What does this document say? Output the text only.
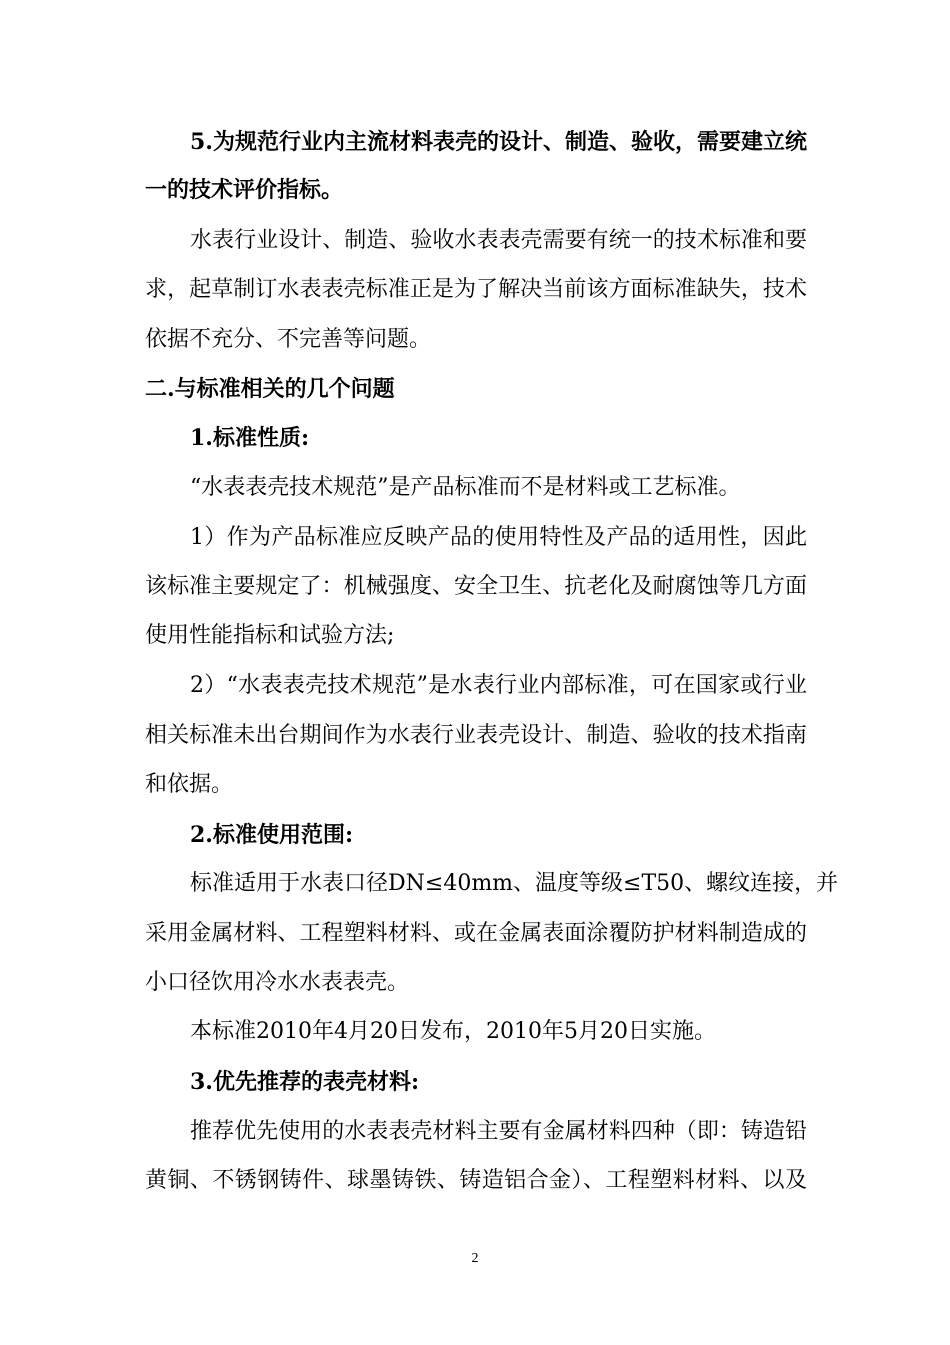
5.为规范行业内主流材料表壳的设计、制造、验收，需要建立统
一的技术评价指标。
水表行业设计、制造、验收水表表壳需要有统一的技术标准和要
求，起草制订水表表壳标准正是为了解决当前该方面标准缺失，技术
依据不充分、不完善等问题。
二.与标准相关的几个问题
1.标准性质:
“水表表壳技术规范”是产品标准而不是材料或工艺标准。
1）作为产品标准应反映产品的使用特性及产品的适用性，因此
该标准主要规定了：机械强度、安全卫生、抗老化及耐腐蚀等几方面
使用性能指标和试验方法;
2）“水表表壳技术规范”是水表行业内部标准，可在国家或行业
相关标准未出台期间作为水表行业表壳设计、制造、验收的技术指南
和依据。
2.标准使用范围:
标准适用于水表口径DN≤40mm、温度等级≤T50、螺纹连接，并
采用金属材料、工程塑料材料、或在金属表面涂覆防护材料制造成的
小口径饮用冷水水表表壳。
本标准2010年4月20日发布，2010年5月20日实施。
3.优先推荐的表壳材料:
推荐优先使用的水表表壳材料主要有金属材料四种（即：铸造铅
黄铜、不锈钢铸件、球墨铸铁、铸造铝合金）、工程塑料材料、以及
2
